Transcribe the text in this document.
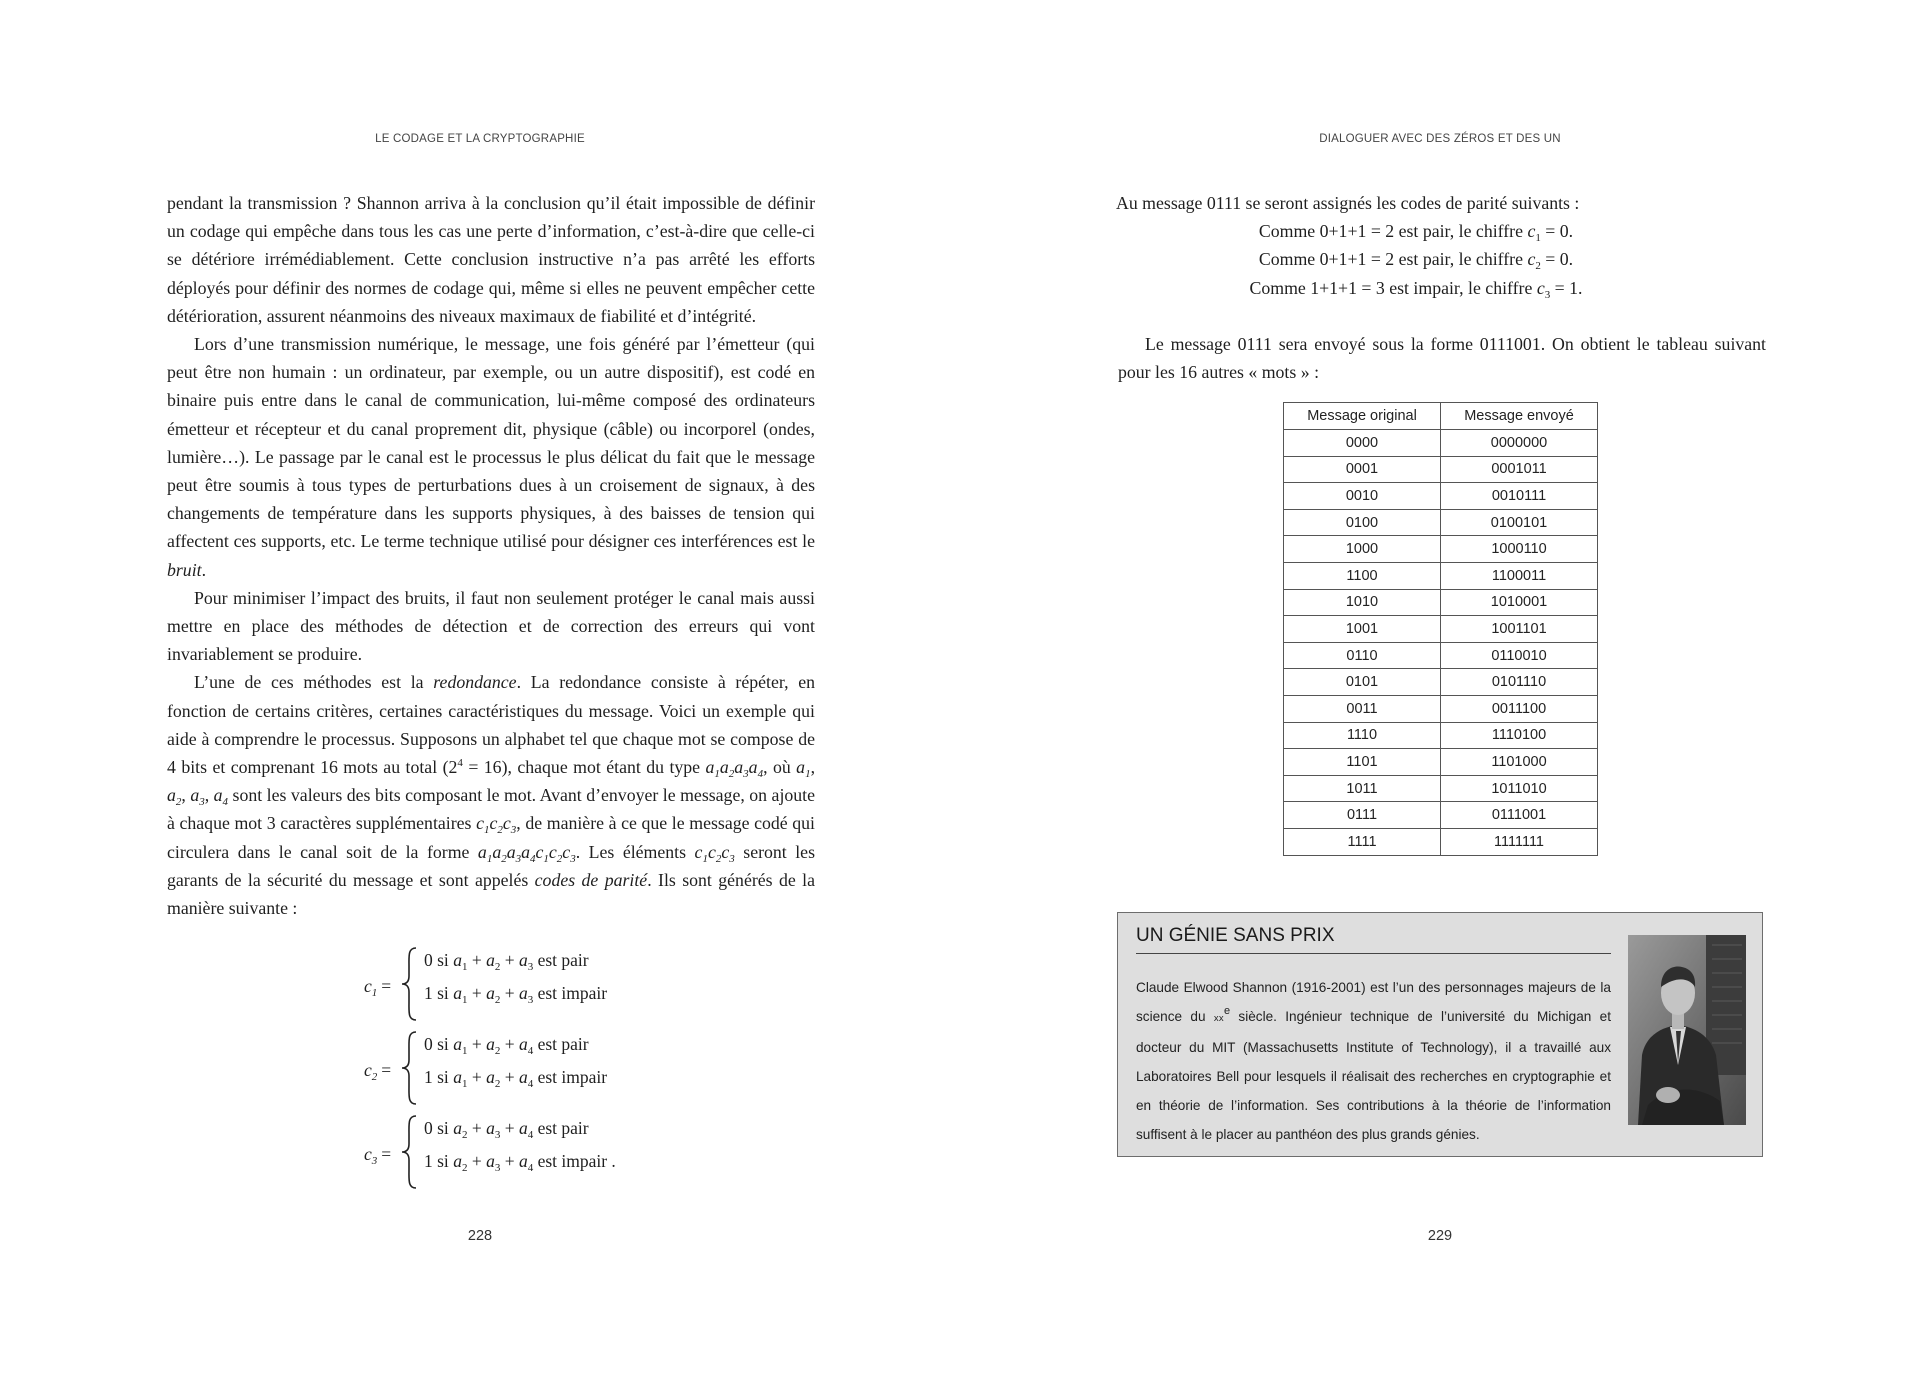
LE CODAGE ET LA CRYPTOGRAPHIE

pendant la transmission ? Shannon arriva à la conclusion qu’il était impossible de définir un codage qui empêche dans tous les cas une perte d’information, c’est-à-dire que celle-ci se détériore irrémédiablement. Cette conclusion instructive n’a pas arrêté les efforts déployés pour définir des normes de codage qui, même si elles ne peuvent empêcher cette détérioration, assurent néanmoins des niveaux maximaux de fiabilité et d’intégrité.

Lors d’une transmission numérique, le message, une fois généré par l’émetteur (qui peut être non humain : un ordinateur, par exemple, ou un autre dispositif), est codé en binaire puis entre dans le canal de communication, lui-même composé des ordinateurs émetteur et récepteur et du canal proprement dit, physique (câble) ou incorporel (ondes, lumière…). Le passage par le canal est le processus le plus délicat du fait que le message peut être soumis à tous types de perturbations dues à un croisement de signaux, à des changements de température dans les supports physiques, à des baisses de tension qui affectent ces supports, etc. Le terme technique utilisé pour désigner ces interférences est le bruit.

Pour minimiser l’impact des bruits, il faut non seulement protéger le canal mais aussi mettre en place des méthodes de détection et de correction des erreurs qui vont invariablement se produire.

L’une de ces méthodes est la redondance. La redondance consiste à répéter, en fonction de certains critères, certaines caractéristiques du message. Voici un exemple qui aide à comprendre le processus. Supposons un alphabet tel que chaque mot se compose de 4 bits et comprenant 16 mots au total $(2^4 = 16)$, chaque mot étant du type $a_1a_2a_3a_4$, où $a_1$, $a_2$, $a_3$, $a_4$ sont les valeurs des bits composant le mot. Avant d’envoyer le message, on ajoute à chaque mot 3 caractères supplémentaires $c_1c_2c_3$, de manière à ce que le message codé qui circulera dans le canal soit de la forme $a_1a_2a_3a_4c_1c_2c_3$. Les éléments $c_1c_2c_3$ seront les garants de la sécurité du message et sont appelés codes de parité. Ils sont générés de la manière suivante :

$c_1$ =
0 si $a_1 + a_2 + a_3$ est pair
1 si $a_1 + a_2 + a_3$ est impair
$c_2$ =
0 si $a_1 + a_2 + a_4$ est pair
1 si $a_1 + a_2 + a_4$ est impair
$c_3$ =
0 si $a_2 + a_3 + a_4$ est pair
1 si $a_2 + a_3 + a_4$ est impair .
228
DIALOGUER AVEC DES ZÉROS ET DES UN
229

Au message 0111 se seront assignés les codes de parité suivants :

Comme 0+1+1 = 2 est pair, le chiffre $c_1 = 0$.

Comme 0+1+1 = 2 est pair, le chiffre $c_2 = 0$.

Comme 1+1+1 = 3 est impair, le chiffre $c_3 = 1$.

Le message 0111 sera envoyé sous la forme 0111001. On obtient le tableau suivant pour les 16 autres « mots » :

Message original	Message envoyé
0000	0000000
0001	0001011
0010	0010111
0100	0100101
1000	1000110
1100	1100011
1010	1010001
1001	1001101
0110	0110010
0101	0101110
0011	0011100
1110	1110100
1101	1101000
1011	1011010
0111	0111001
1111	1111111
UN GÉNIE SANS PRIX
Claude Elwood Shannon (1916-2001) est l’un des personnages majeurs de la science du $xx^e$ siècle. Ingénieur technique de l’université du Michigan et docteur du MIT (Massachusetts Institute of Technology), il a travaillé aux Laboratoires Bell pour lesquels il réalisait des recherches en cryptographie et en théorie de l’information. Ses contributions à la théorie de l’information suffisent à le placer au panthéon des plus grands génies.
